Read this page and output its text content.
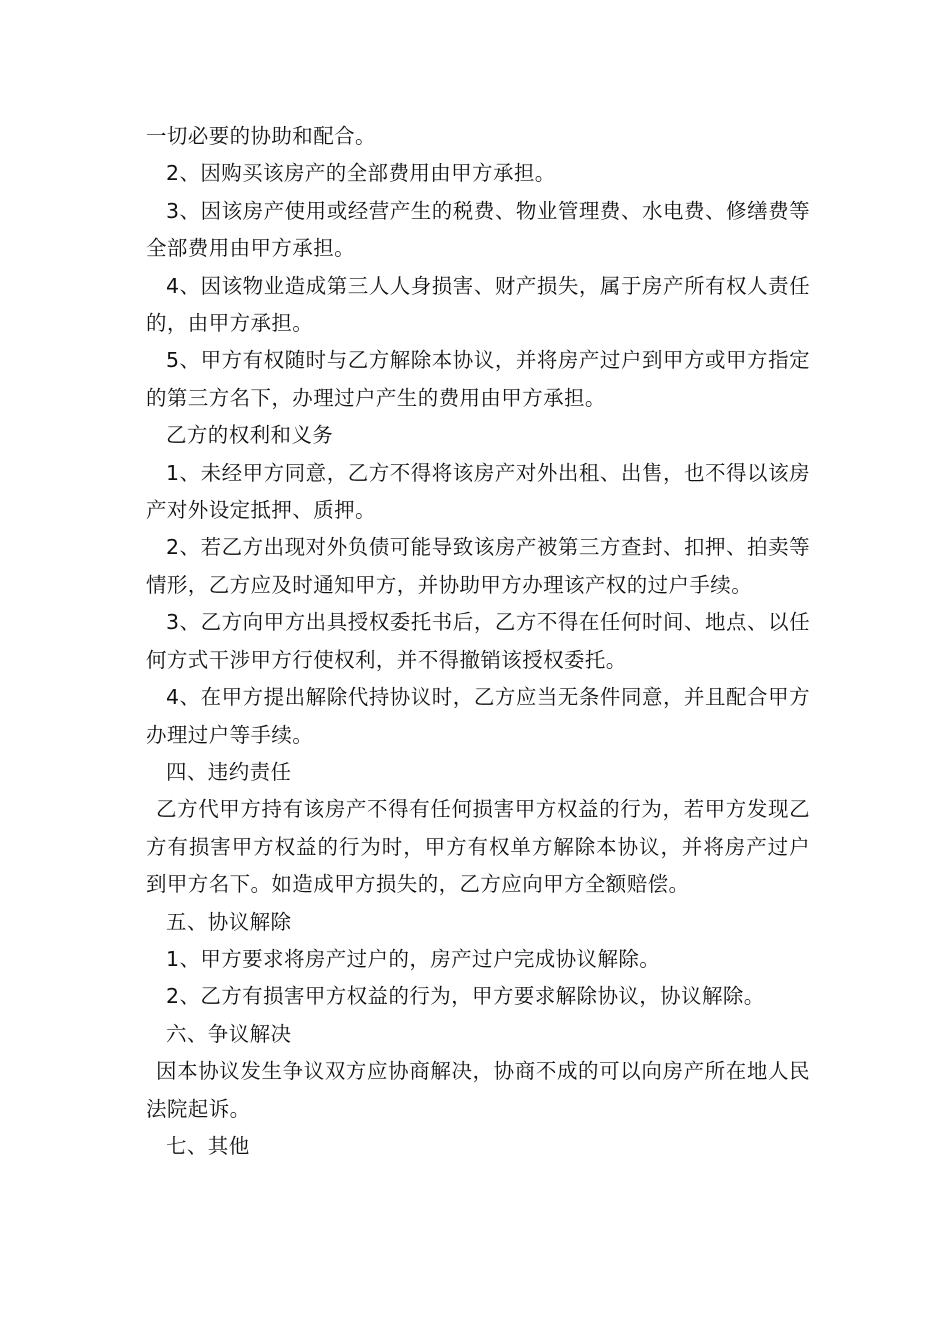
一切必要的协助和配合。

2、因购买该房产的全部费用由甲方承担。

3、因该房产使用或经营产生的税费、物业管理费、水电费、修缮费等全部费用由甲方承担。

4、因该物业造成第三人人身损害、财产损失，属于房产所有权人责任的，由甲方承担。

5、甲方有权随时与乙方解除本协议，并将房产过户到甲方或甲方指定的第三方名下，办理过户产生的费用由甲方承担。

乙方的权利和义务

1、未经甲方同意，乙方不得将该房产对外出租、出售，也不得以该房产对外设定抵押、质押。

2、若乙方出现对外负债可能导致该房产被第三方查封、扣押、拍卖等情形，乙方应及时通知甲方，并协助甲方办理该产权的过户手续。

3、乙方向甲方出具授权委托书后，乙方不得在任何时间、地点、以任何方式干涉甲方行使权利，并不得撤销该授权委托。

4、在甲方提出解除代持协议时，乙方应当无条件同意，并且配合甲方办理过户等手续。

四、违约责任

乙方代甲方持有该房产不得有任何损害甲方权益的行为，若甲方发现乙方有损害甲方权益的行为时，甲方有权单方解除本协议，并将房产过户到甲方名下。如造成甲方损失的，乙方应向甲方全额赔偿。

五、协议解除

1、甲方要求将房产过户的，房产过户完成协议解除。

2、乙方有损害甲方权益的行为，甲方要求解除协议，协议解除。

六、争议解决

因本协议发生争议双方应协商解决，协商不成的可以向房产所在地人民法院起诉。

七、其他
